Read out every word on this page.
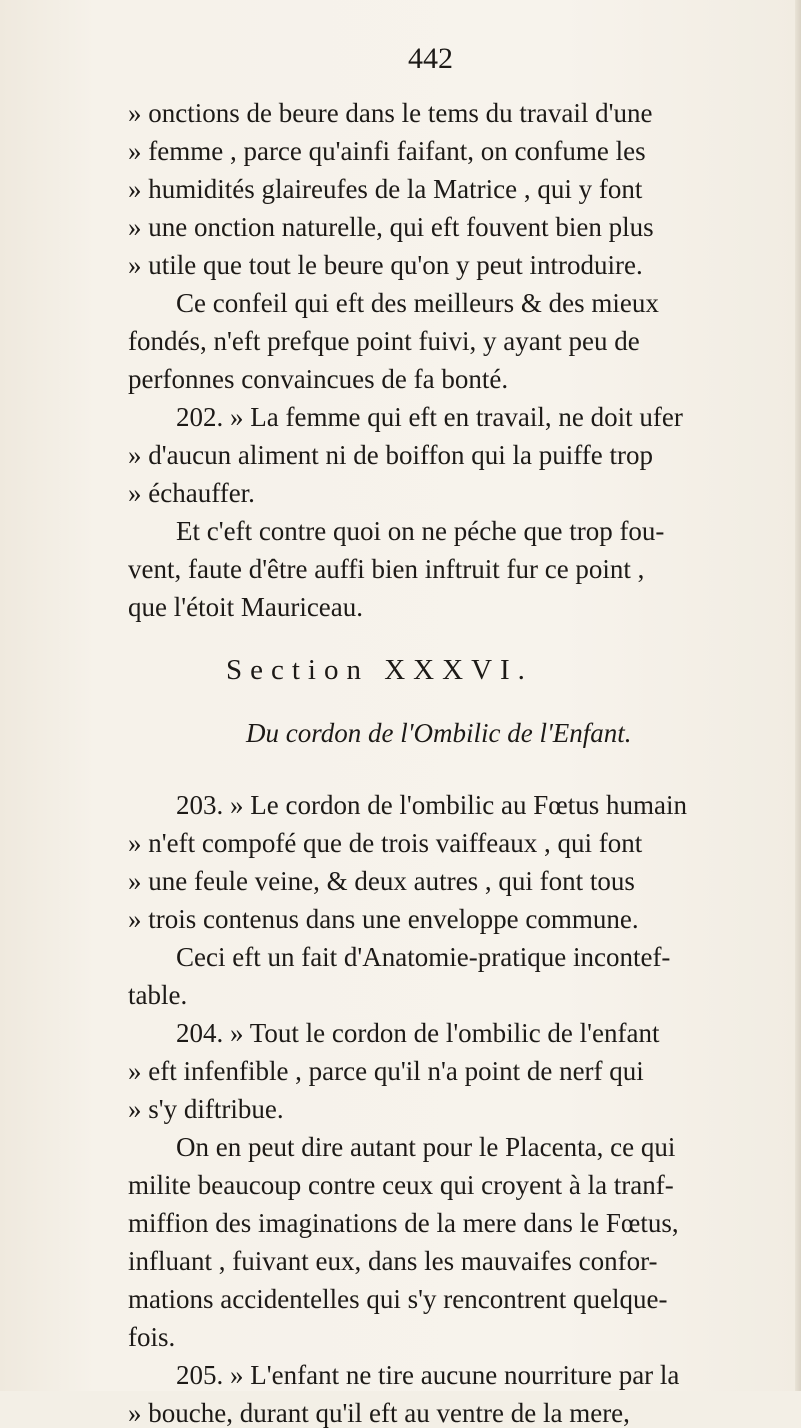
442
» onctions de beure dans le tems du travail d'une
» femme , parce qu'ainfi faifant, on confume les
» humidités glaireufes de la Matrice , qui y font
» une onction naturelle, qui eft fouvent bien plus
» utile que tout le beure qu'on y peut introduire.
Ce confeil qui eft des meilleurs & des mieux
fondés, n'eft prefque point fuivi, y ayant peu de
perfonnes convaincues de fa bonté.
202. » La femme qui eft en travail, ne doit ufer
» d'aucun aliment ni de boiffon qui la puiffe trop
» échauffer.
Et c'eft contre quoi on ne péche que trop fou-
vent, faute d'être auffi bien inftruit fur ce point ,
que l'étoit Mauriceau.
Section XXXVI.
Du cordon de l'Ombilic de l'Enfant.
203. » Le cordon de l'ombilic au Fœtus humain
» n'eft compofé que de trois vaiffeaux , qui font
» une feule veine, & deux autres , qui font tous
» trois contenus dans une enveloppe commune.
Ceci eft un fait d'Anatomie-pratique incontef-
table.
204. » Tout le cordon de l'ombilic de l'enfant
» eft infenfible , parce qu'il n'a point de nerf qui
» s'y diftribue.
On en peut dire autant pour le Placenta, ce qui
milite beaucoup contre ceux qui croyent à la tranf-
miffion des imaginations de la mere dans le Fœtus,
influant , fuivant eux, dans les mauvaifes confor-
mations accidentelles qui s'y rencontrent quelque-
fois.
205. » L'enfant ne tire aucune nourriture par la
» bouche, durant qu'il eft au ventre de la mere,
